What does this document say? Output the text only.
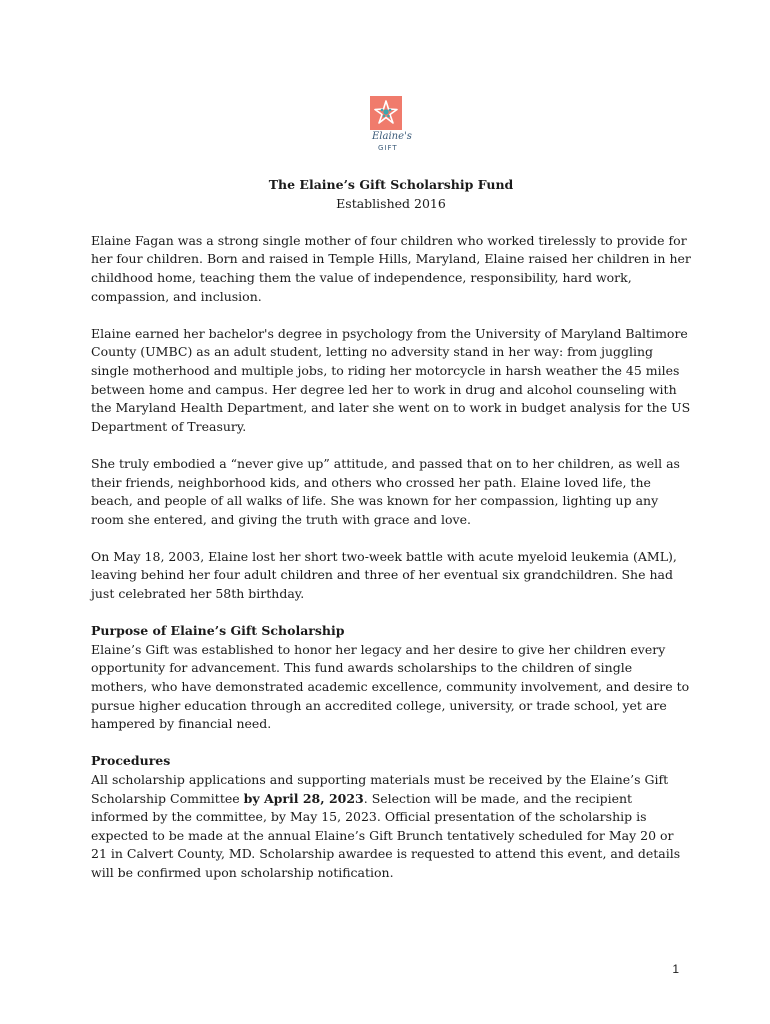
Elaine's
GIFT

The Elaine’s Gift Scholarship Fund

Established 2016

Elaine Fagan was a strong single mother of four children who worked tirelessly to provide for her four children. Born and raised in Temple Hills, Maryland, Elaine raised her children in her childhood home, teaching them the value of independence, responsibility, hard work, compassion, and inclusion.

Elaine earned her bachelor's degree in psychology from the University of Maryland Baltimore County (UMBC) as an adult student, letting no adversity stand in her way: from juggling single motherhood and multiple jobs, to riding her motorcycle in harsh weather the 45 miles between home and campus. Her degree led her to work in drug and alcohol counseling with the Maryland Health Department, and later she went on to work in budget analysis for the US Department of Treasury.

She truly embodied a “never give up” attitude, and passed that on to her children, as well as their friends, neighborhood kids, and others who crossed her path. Elaine loved life, the beach, and people of all walks of life. She was known for her compassion, lighting up any room she entered, and giving the truth with grace and love.

On May 18, 2003, Elaine lost her short two-week battle with acute myeloid leukemia (AML), leaving behind her four adult children and three of her eventual six grandchildren. She had just celebrated her 58th birthday.

Purpose of Elaine’s Gift Scholarship

Elaine’s Gift was established to honor her legacy and her desire to give her children every opportunity for advancement. This fund awards scholarships to the children of single mothers, who have demonstrated academic excellence, community involvement, and desire to pursue higher education through an accredited college, university, or trade school, yet are hampered by financial need.

Procedures

All scholarship applications and supporting materials must be received by the Elaine’s Gift Scholarship Committee by April 28, 2023. Selection will be made, and the recipient informed by the committee, by May 15, 2023. Official presentation of the scholarship is expected to be made at the annual Elaine’s Gift Brunch tentatively scheduled for May 20 or 21 in Calvert County, MD. Scholarship awardee is requested to attend this event, and details will be confirmed upon scholarship notification.

1
